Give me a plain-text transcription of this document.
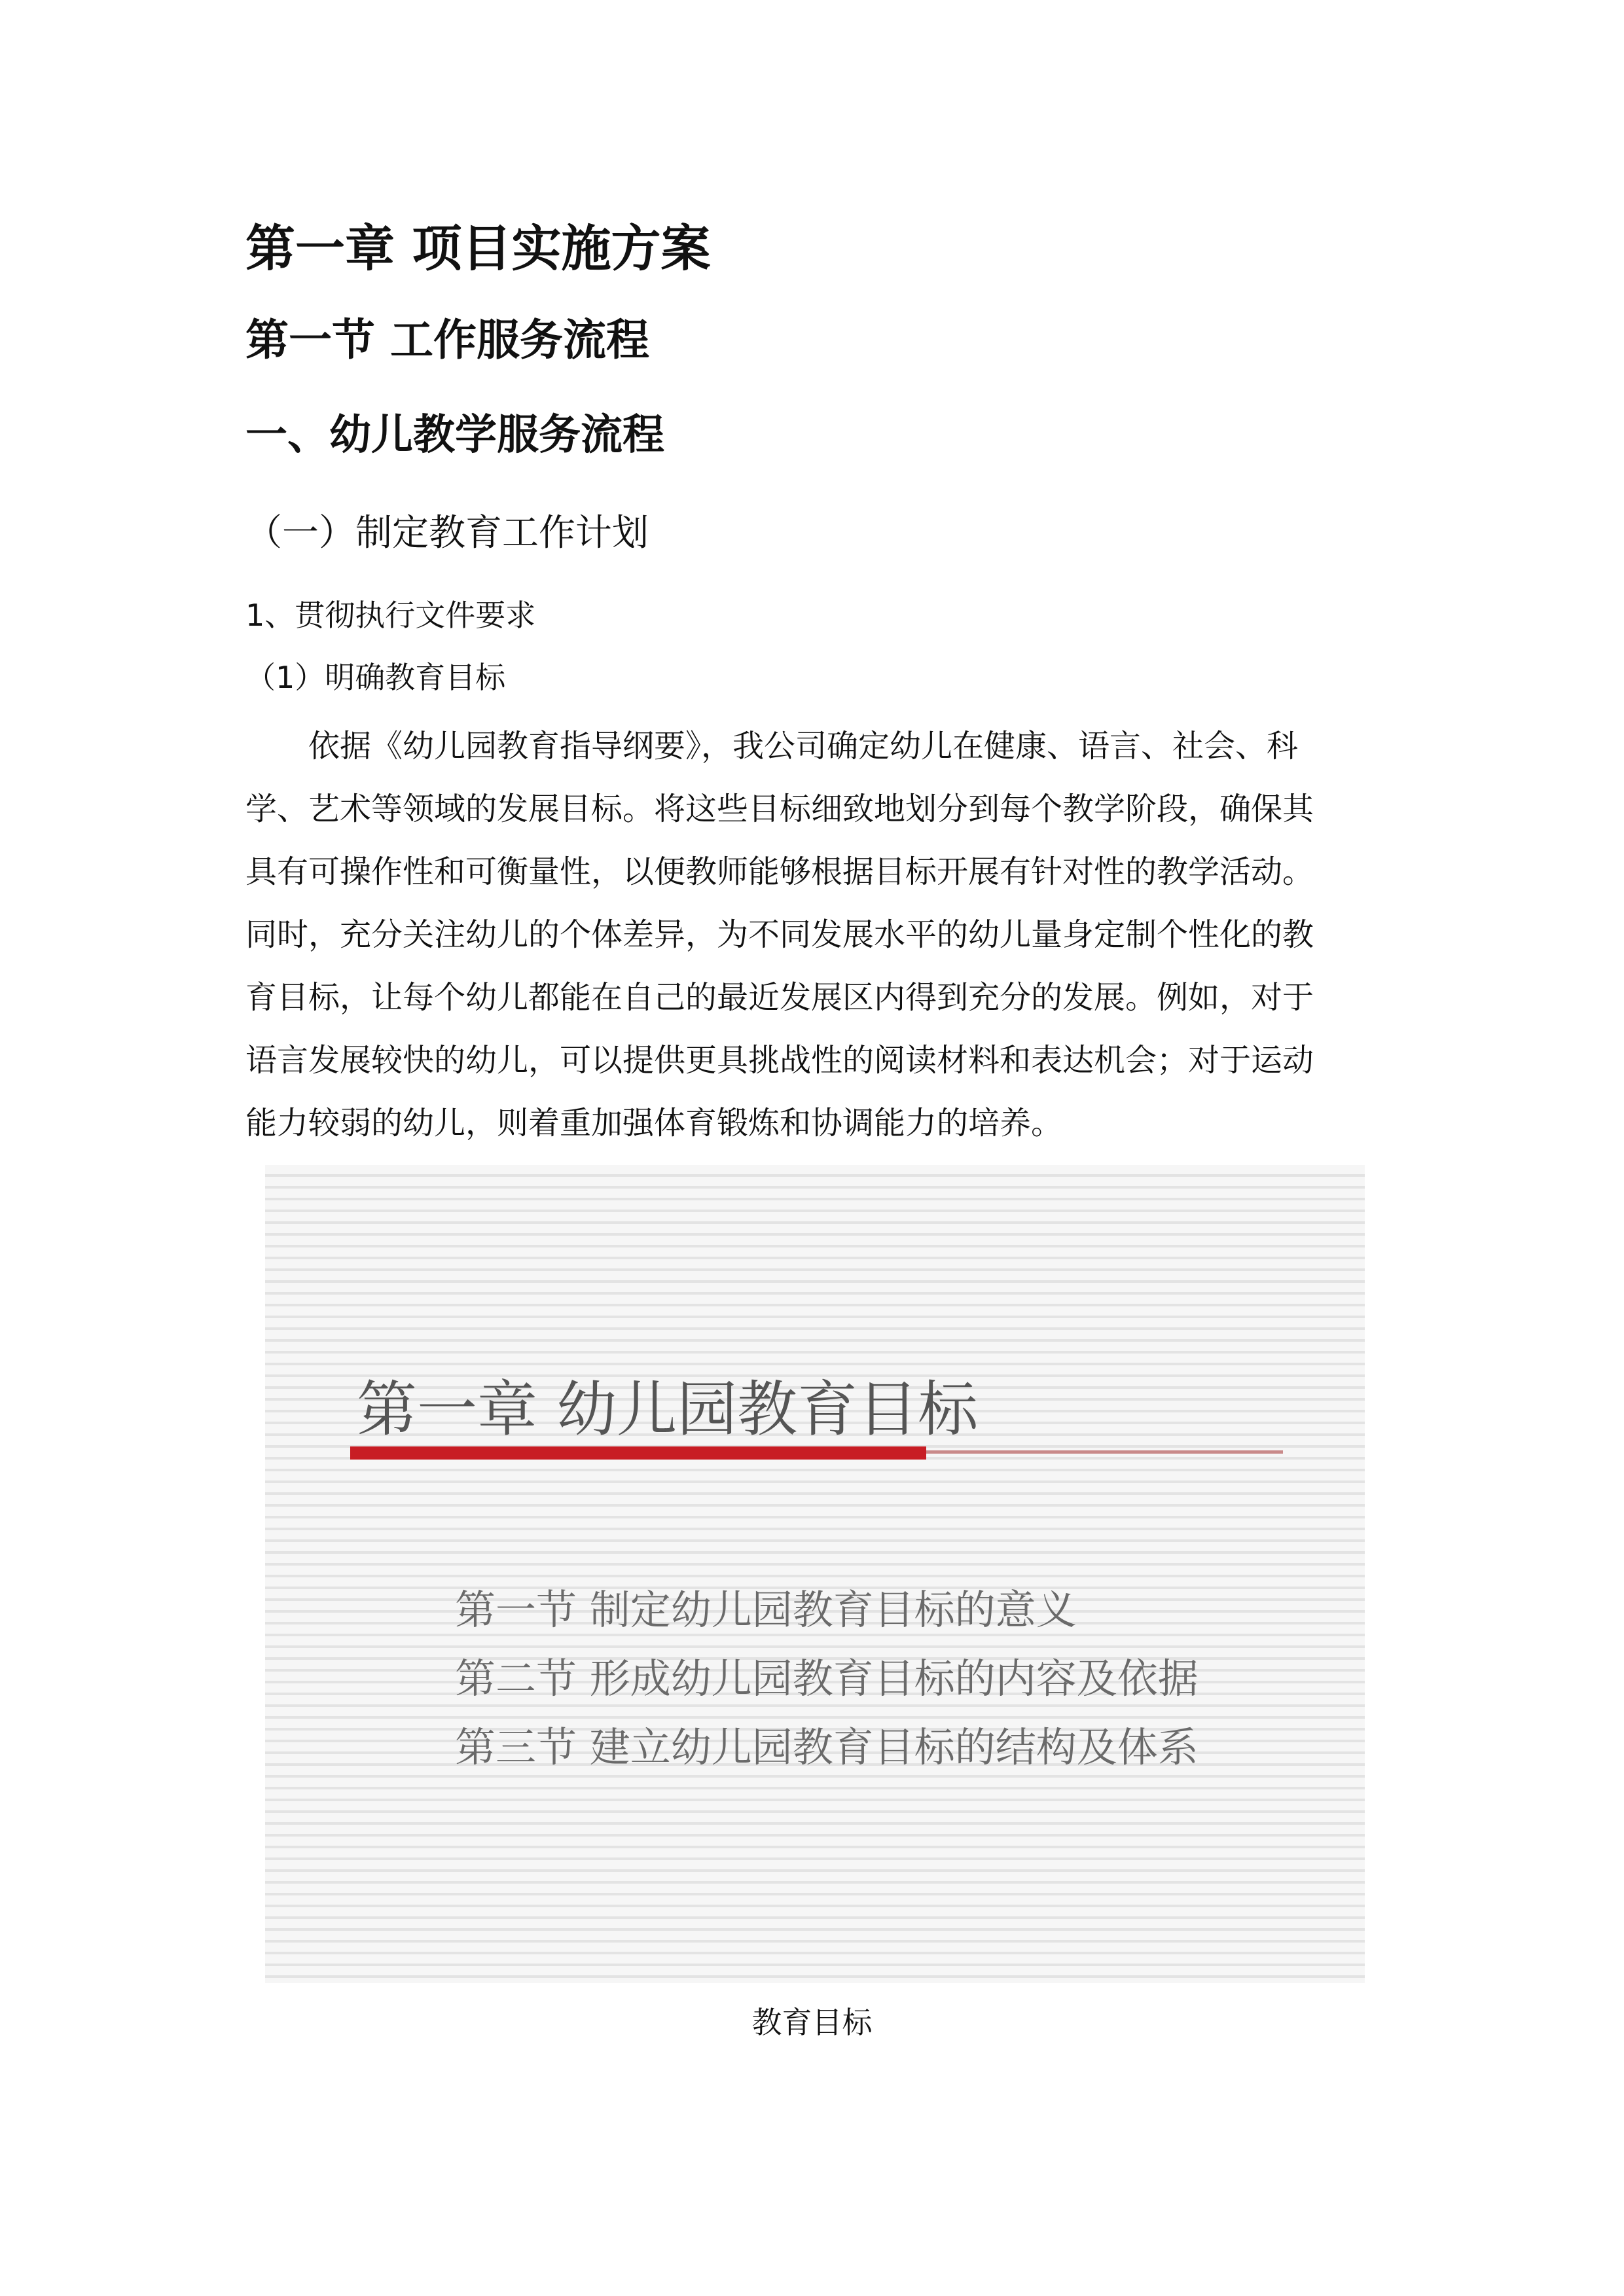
第一章 项目实施方案
第一节 工作服务流程
一、幼儿教学服务流程
（一）制定教育工作计划
1、贯彻执行文件要求
（1）明确教育目标
　　依据《幼儿园教育指导纲要》，我公司确定幼儿在健康、语言、社会、科
学、艺术等领域的发展目标。将这些目标细致地划分到每个教学阶段，确保其
具有可操作性和可衡量性，以便教师能够根据目标开展有针对性的教学活动。
同时，充分关注幼儿的个体差异，为不同发展水平的幼儿量身定制个性化的教
育目标，让每个幼儿都能在自己的最近发展区内得到充分的发展。例如，对于
语言发展较快的幼儿，可以提供更具挑战性的阅读材料和表达机会；对于运动
能力较弱的幼儿，则着重加强体育锻炼和协调能力的培养。
第一章 幼儿园教育目标
第一节 制定幼儿园教育目标的意义
第二节 形成幼儿园教育目标的内容及依据
第三节 建立幼儿园教育目标的结构及体系
教育目标
